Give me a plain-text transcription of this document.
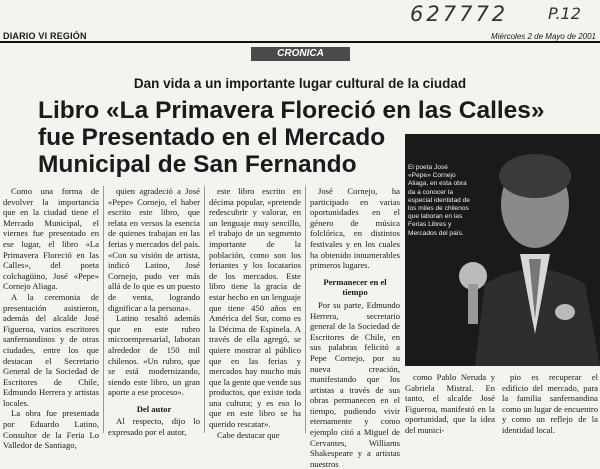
627772 P.12
DIARIO VI REGIÓN	Miércoles 2 de Mayo de 2001
CRONICA
Dan vida a un importante lugar cultural de la ciudad
Libro «La Primavera Floreció en las Calles»
fue Presentado en el Mercado
Municipal de San Fernando	El poeta José «Pepe» Cornejo Aliaga, en esta obra da a conocer la especial identidad de los miles de chilenos que laboran en las Ferias Libres y Mercados del país.

Como una forma de devolver la importancia que en la ciudad tiene el Mercado Municipal, el viernes fue presentado en ese lugar, el libro «La Primavera Floreció en las Calles», del poeta colchagüino, José «Pepe» Cornejo Aliaga.

A la ceremonia de presentación asistieron, además del alcalde José Figueroa, varios escritores sanfernandinos y de otras ciudades, entre los que destacan el Secretario General de la Sociedad de Escritores de Chile, Edmundo Herrera y artistas locales.

La obra fue presentada por Eduardo Latino, Consultor de la Feria Lo Valledor de Santiago,

quien agradeció a José «Pepe» Cornejo, el haber escrito este libro, que relata en versos la esencia de quienes trabajan en las ferias y mercados del país. «Con su visión de artista, indicó Latino, José Cornejo, pudo ver más allá de lo que es un puesto de venta, logrando dignificar a la persona».

Latino resaltó además que en este rubro microempresarial, laboran alrededor de 150 mil chilenos. «Un rubro, que se está modernizando, siendo este libro, un gran aporte a ese proceso».

Del autor

Al respecto, dijo lo expresado por el autor,

este libro escrito en décima popular, «pretende redescubrir y valorar, en un lenguaje muy sencillo, el trabajo de un segmento importante de la población, como son los feriantes y los locatarios de los mercados. Este libro tiene la gracia de estar hecho en un lenguaje que tiene 450 años en América del Sur, como es la Décima de Espinela. A través de ella agregó, se quiere mostrar al público que en las ferias y mercados hay mucho más que la gente que vende sus productos, que existe toda una cultura; y es eso lo que en este libro se ha querido rescatar».

Cabe destacar que

José Cornejo, ha participado en varias oportunidades en el género de música folclórica, en distintos festivales y en los cuales ha obtenido innumerables primeros lugares.

Permanecer en el tiempo

Por su parte, Edmundo Herrera, secretario general de la Sociedad de Escritores de Chile, en sus palabras felicitó a Pepe Cornejo, por su nueva creación, manifestando que los artistas a través de sus obras permanecen en el tiempo, pudiendo vivir eternamente y como ejemplo citó a Miguel de Cervantes, Williams Shakespeare y a artistas nuestros

como Pablo Neruda y Gabriela Mistral. En tanto, el alcalde José Figueroa, manifestó en la oportunidad, que la idea del munici-

pio es recuperar el edificio del mercado, para la familia sanfernandina como un lugar de encuentro y como un reflejo de la identidad local.
